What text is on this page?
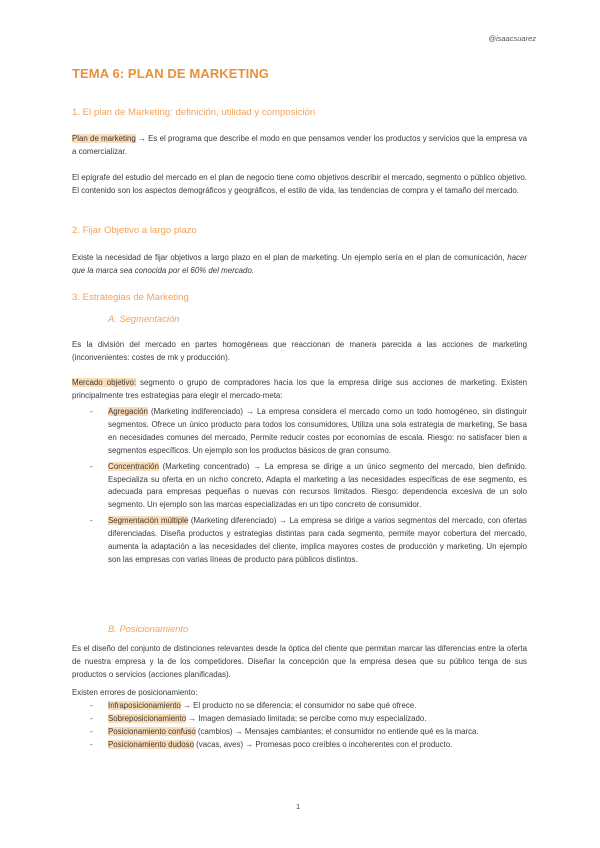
@isaacsuarez
TEMA 6: PLAN DE MARKETING
1. El plan de Marketing: definición, utilidad y composición

Plan de marketing → Es el programa que describe el modo en que pensamos vender los productos y servicios que la empresa va a comercializar.

El epígrafe del estudio del mercado en el plan de negocio tiene como objetivos describir el mercado, segmento o público objetivo. El contenido son los aspectos demográficos y geográficos, el estilo de vida, las tendencias de compra y el tamaño del mercado.

2. Fijar Objetivo a largo plazo

Existe la necesidad de fijar objetivos a largo plazo en el plan de marketing. Un ejemplo sería en el plan de comunicación, hacer que la marca sea conocida por el 60% del mercado.

3. Estrategias de Marketing
A. Segmentación

Es la división del mercado en partes homogéneas que reaccionan de manera parecida a las acciones de marketing (inconvenientes: costes de mk y producción).

Mercado objetivo: segmento o grupo de compradores hacia los que la empresa dirige sus acciones de marketing. Existen principalmente tres estrategias para elegir el mercado-meta:

- Agregación (Marketing indiferenciado) → La empresa considera el mercado como un todo homogéneo, sin distinguir segmentos. Ofrece un único producto para todos los consumidores, Utiliza una sola estrategia de marketing, Se basa en necesidades comunes del mercado, Permite reducir costes por economías de escala. Riesgo: no satisfacer bien a segmentos específicos. Un ejemplo son los productos básicos de gran consumo.
- Concentración (Marketing concentrado) → La empresa se dirige a un único segmento del mercado, bien definido. Especializa su oferta en un nicho concreto, Adapta el marketing a las necesidades específicas de ese segmento, es adecuada para empresas pequeñas o nuevas con recursos limitados. Riesgo: dependencia excesiva de un solo segmento. Un ejemplo son las marcas especializadas en un tipo concreto de consumidor.
- Segmentación múltiple (Marketing diferenciado) → La empresa se dirige a varios segmentos del mercado, con ofertas diferenciadas. Diseña productos y estrategias distintas para cada segmento, permite mayor cobertura del mercado, aumenta la adaptación a las necesidades del cliente, implica mayores costes de producción y marketing. Un ejemplo son las empresas con varias líneas de producto para públicos distintos.
B. Posicionamiento

Es el diseño del conjunto de distinciones relevantes desde la óptica del cliente que permitan marcar las diferencias entre la oferta de nuestra empresa y la de los competidores. Diseñar la concepción que la empresa desea que su público tenga de sus productos o servicios (acciones planificadas).

Existen errores de posicionamiento:

- Infraposicionamiento → El producto no se diferencia; el consumidor no sabe qué ofrece.
- Sobreposicionamiento → Imagen demasiado limitada; se percibe como muy especializado.
- Posicionamiento confuso (cambios) → Mensajes cambiantes; el consumidor no entiende qué es la marca.
- Posicionamiento dudoso (vacas, aves) → Promesas poco creíbles o incoherentes con el producto.
1
